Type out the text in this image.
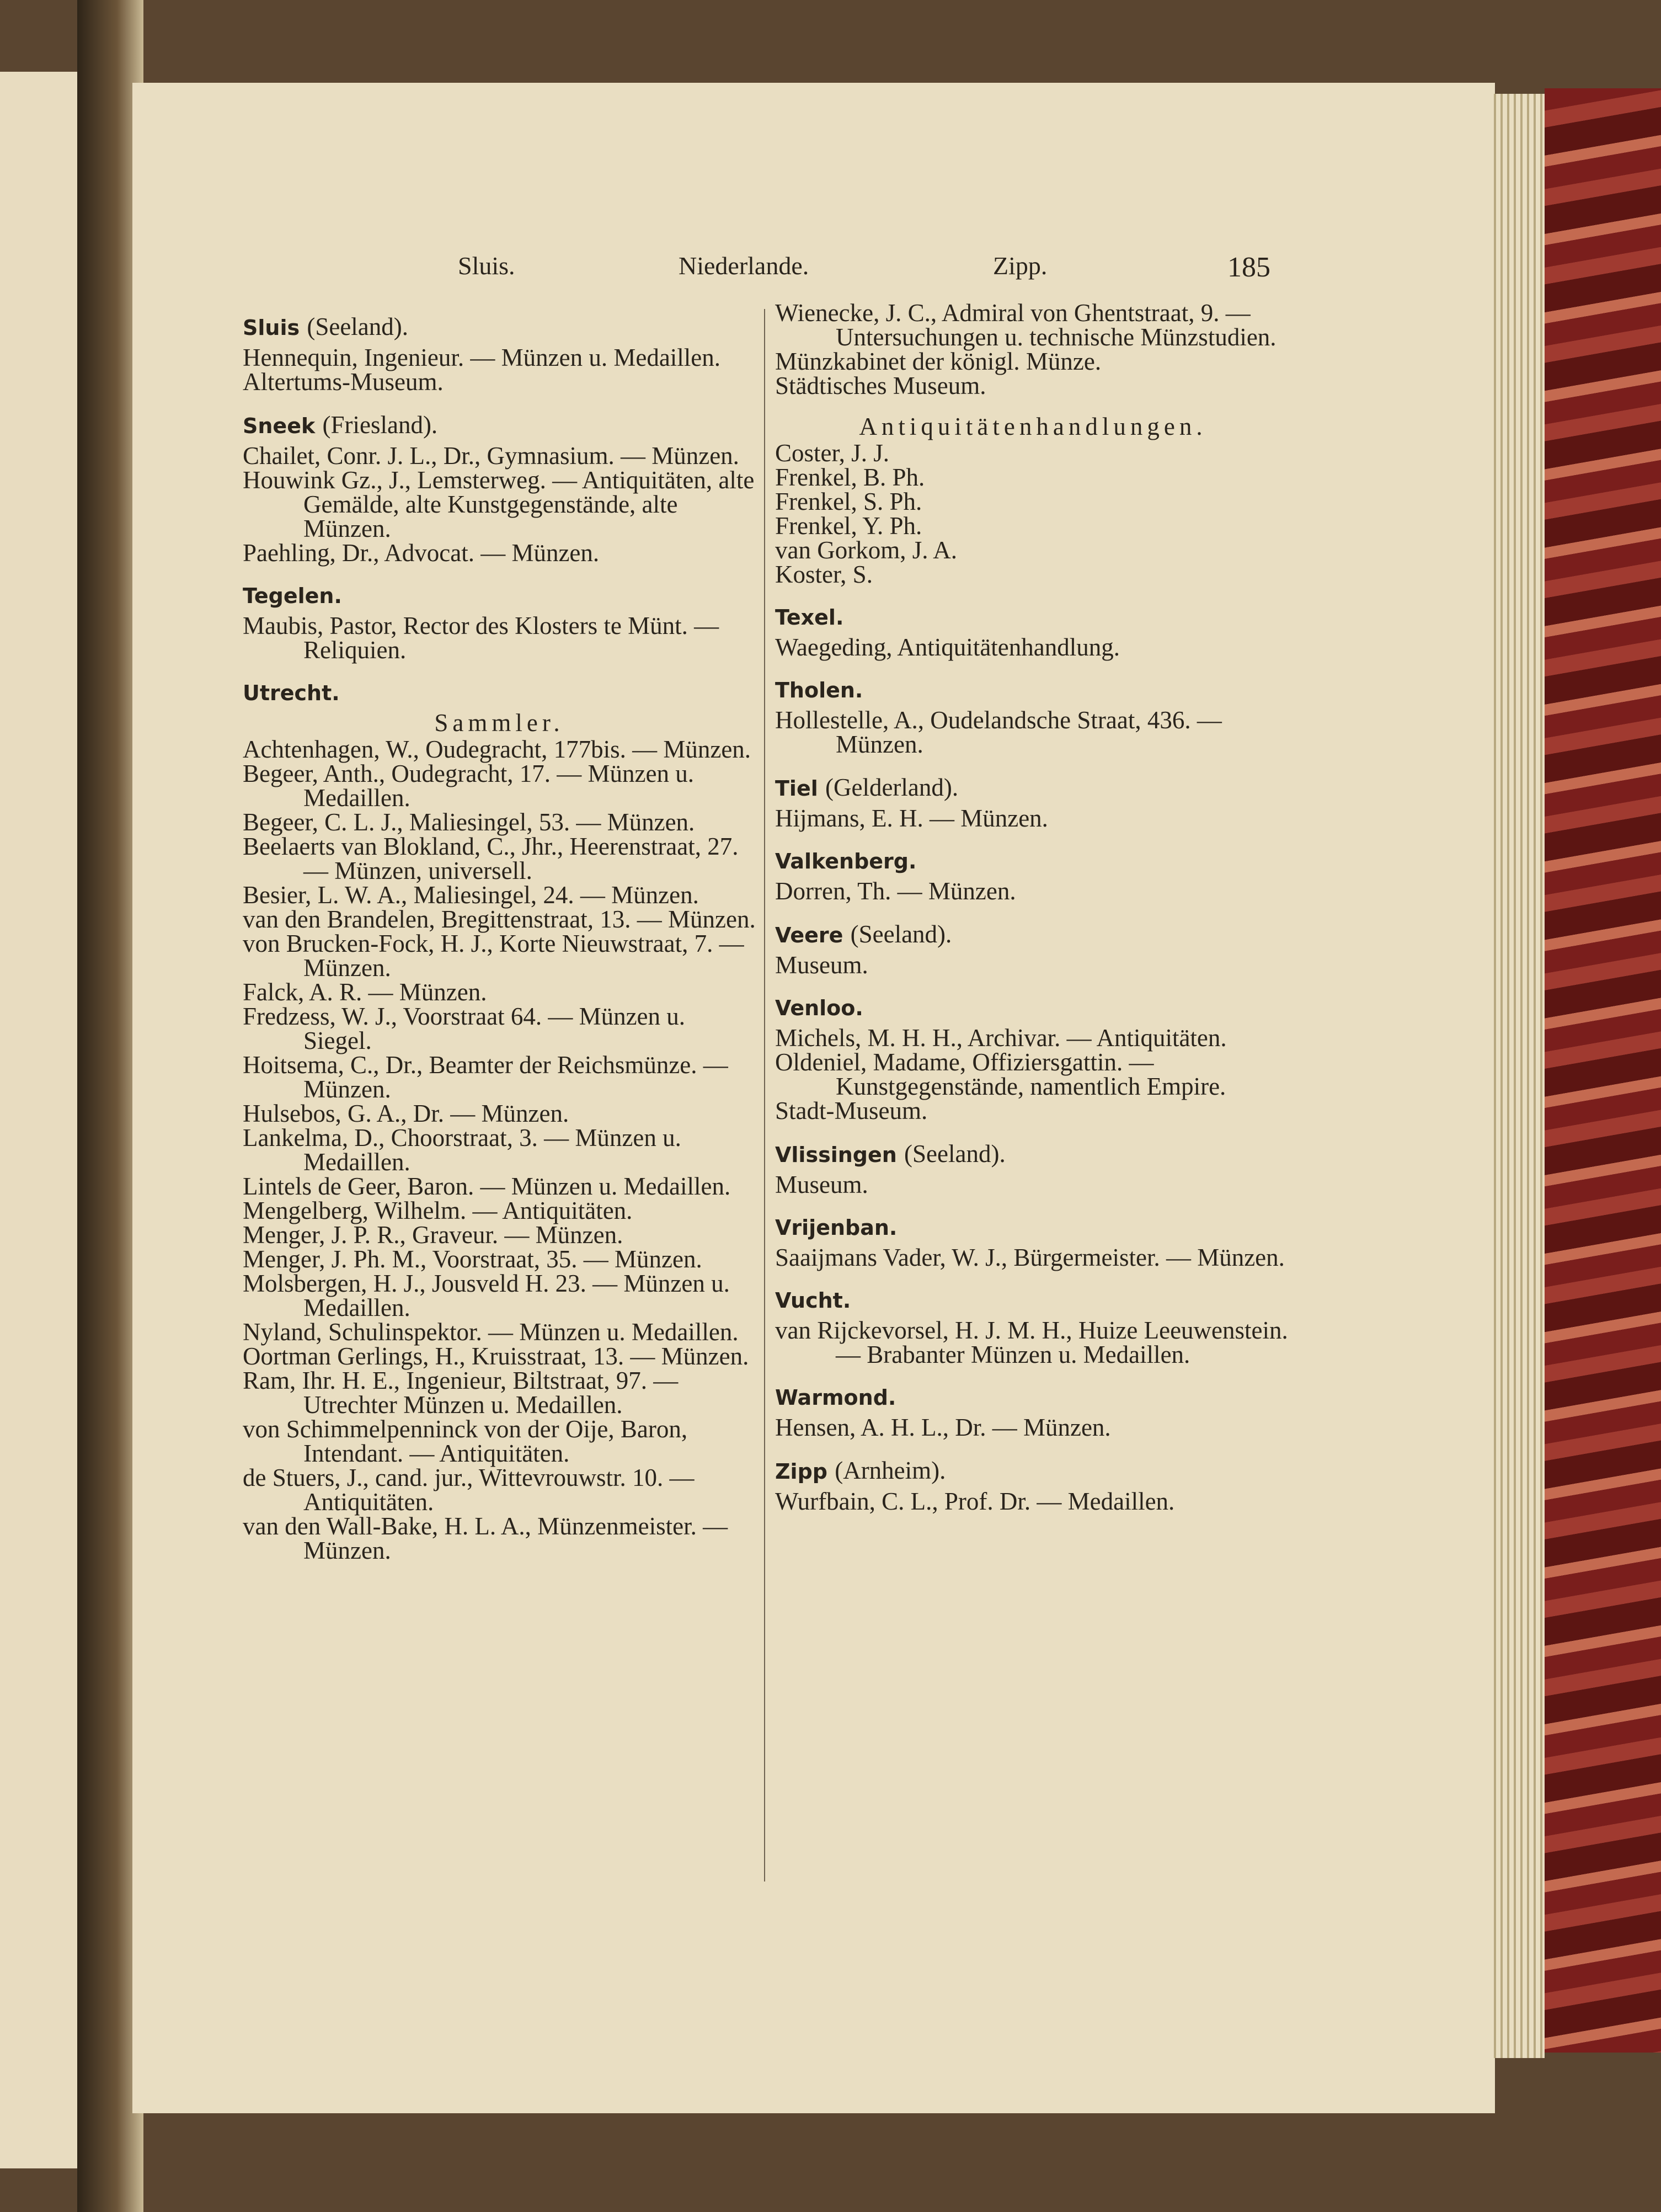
Sluis.	Niederlande.	Zipp.	185
Sluis (Seeland).

Hennequin, Ingenieur. — Münzen u. Medaillen.

Altertums-Museum.

Sneek (Friesland).

Chailet, Conr. J. L., Dr., Gymnasium. — Münzen.

Houwink Gz., J., Lemsterweg. — Antiquitäten, alte Gemälde, alte Kunstgegenstände, alte Münzen.

Paehling, Dr., Advocat. — Münzen.

Tegelen.

Maubis, Pastor, Rector des Klosters te Münt. — Reliquien.

Utrecht.

Sammler.

Achtenhagen, W., Oudegracht, 177bis. — Münzen.

Begeer, Anth., Oudegracht, 17. — Münzen u. Medaillen.

Begeer, C. L. J., Maliesingel, 53. — Münzen.

Beelaerts van Blokland, C., Jhr., Heerenstraat, 27. — Münzen, universell.

Besier, L. W. A., Maliesingel, 24. — Münzen.

van den Brandelen, Bregittenstraat, 13. — Münzen.

von Brucken-Fock, H. J., Korte Nieuwstraat, 7. — Münzen.

Falck, A. R. — Münzen.

Fredzess, W. J., Voorstraat 64. — Münzen u. Siegel.

Hoitsema, C., Dr., Beamter der Reichsmünze. — Münzen.

Hulsebos, G. A., Dr. — Münzen.

Lankelma, D., Choorstraat, 3. — Münzen u. Medaillen.

Lintels de Geer, Baron. — Münzen u. Medaillen.

Mengelberg, Wilhelm. — Antiquitäten.

Menger, J. P. R., Graveur. — Münzen.

Menger, J. Ph. M., Voorstraat, 35. — Münzen.

Molsbergen, H. J., Jousveld H. 23. — Münzen u. Medaillen.

Nyland, Schulinspektor. — Münzen u. Medaillen.

Oortman Gerlings, H., Kruisstraat, 13. — Münzen.

Ram, Ihr. H. E., Ingenieur, Biltstraat, 97. — Utrechter Münzen u. Medaillen.

von Schimmelpenninck von der Oije, Baron, Intendant. — Antiquitäten.

de Stuers, J., cand. jur., Wittevrouwstr. 10. — Antiquitäten.

van den Wall-Bake, H. L. A., Münzenmeister. — Münzen.

Wienecke, J. C., Admiral von Ghentstraat, 9. — Untersuchungen u. technische Münzstudien.

Münzkabinet der königl. Münze.

Städtisches Museum.

Antiquitätenhandlungen.

Coster, J. J.

Frenkel, B. Ph.

Frenkel, S. Ph.

Frenkel, Y. Ph.

van Gorkom, J. A.

Koster, S.

Texel.

Waegeding, Antiquitätenhandlung.

Tholen.

Hollestelle, A., Oudelandsche Straat, 436. — Münzen.

Tiel (Gelderland).

Hijmans, E. H. — Münzen.

Valkenberg.

Dorren, Th. — Münzen.

Veere (Seeland).

Museum.

Venloo.

Michels, M. H. H., Archivar. — Antiquitäten.

Oldeniel, Madame, Offiziersgattin. — Kunstgegenstände, namentlich Empire.

Stadt-Museum.

Vlissingen (Seeland).

Museum.

Vrijenban.

Saaijmans Vader, W. J., Bürgermeister. — Münzen.

Vucht.

van Rijckevorsel, H. J. M. H., Huize Leeuwenstein. — Brabanter Münzen u. Medaillen.

Warmond.

Hensen, A. H. L., Dr. — Münzen.

Zipp (Arnheim).

Wurfbain, C. L., Prof. Dr. — Medaillen.
